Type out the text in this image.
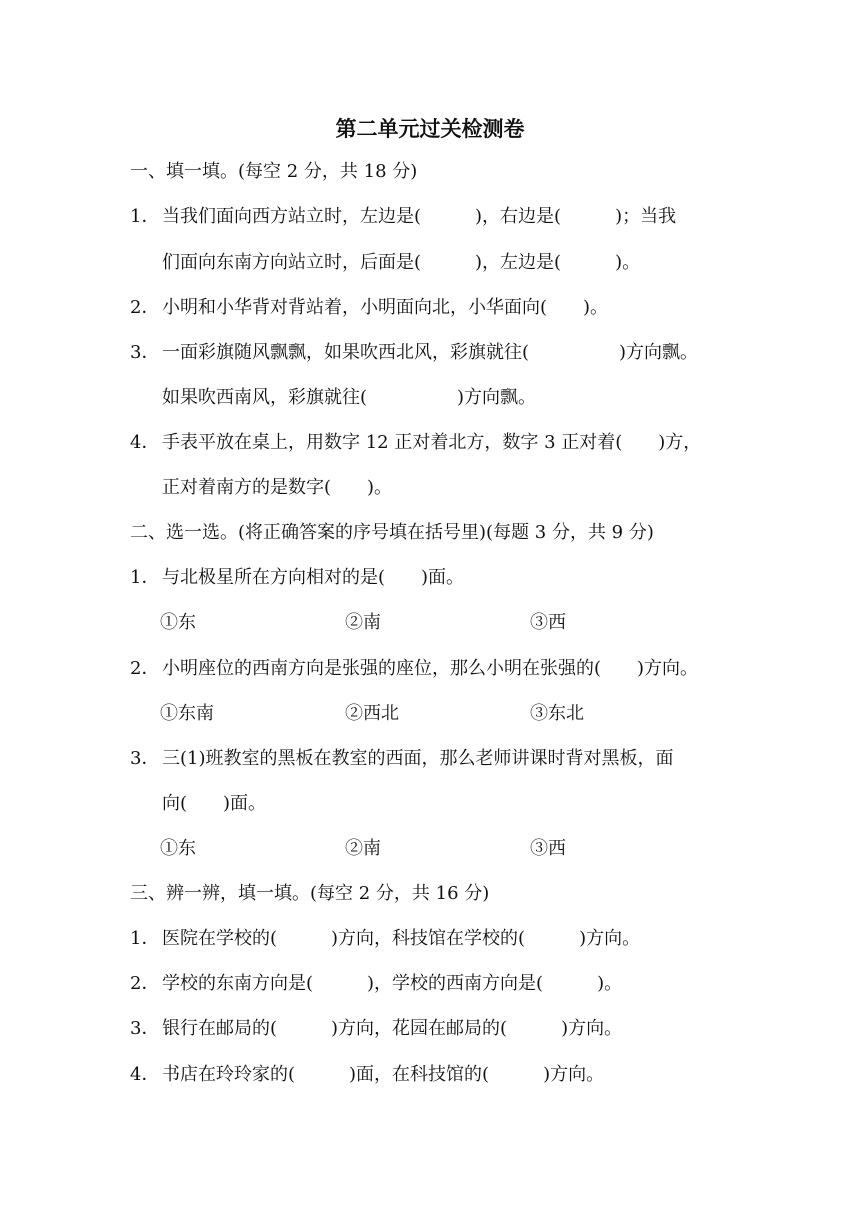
第二单元过关检测卷
一、填一填。(每空 2 分，共 18 分)
1． 当我们面向西方站立时，左边是(　　　)，右边是(　　　)；当我
们面向东南方向站立时，后面是(　　　)，左边是(　　　)。
2． 小明和小华背对背站着，小明面向北，小华面向(　　)。
3． 一面彩旗随风飘飘，如果吹西北风，彩旗就往(　　　　　)方向飘。
如果吹西南风，彩旗就往(　　　　　)方向飘。
4． 手表平放在桌上，用数字 12 正对着北方，数字 3 正对着(　　)方，
正对着南方的是数字(　　)。
二、选一选。(将正确答案的序号填在括号里)(每题 3 分，共 9 分)
1． 与北极星所在方向相对的是(　　)面。
①东	②南	③西
2． 小明座位的西南方向是张强的座位，那么小明在张强的(　　)方向。
①东南	②西北	③东北
3． 三(1)班教室的黑板在教室的西面，那么老师讲课时背对黑板，面
向(　　)面。
①东	②南	③西
三、辨一辨，填一填。(每空 2 分，共 16 分)
1． 医院在学校的(　　　)方向，科技馆在学校的(　　　)方向。
2． 学校的东南方向是(　　　)，学校的西南方向是(　　　)。
3． 银行在邮局的(　　　)方向，花园在邮局的(　　　)方向。
4． 书店在玲玲家的(　　　)面，在科技馆的(　　　)方向。
